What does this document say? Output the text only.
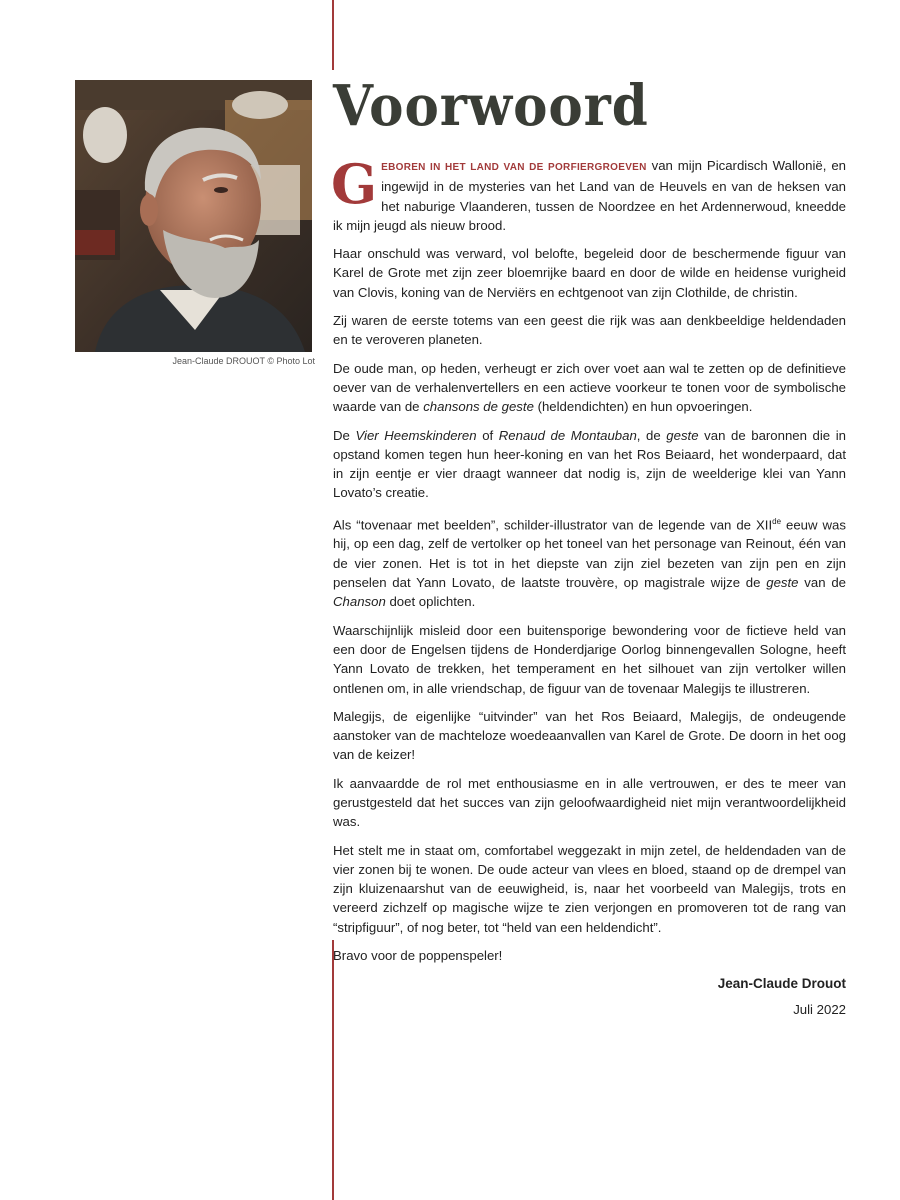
Jean-Claude DROUOT © Photo Lot
Voorwoord

GEBOREN IN HET LAND VAN DE PORFIERGROEVEN van mijn Picardisch Wallonië, en ingewijd in de mysteries van het Land van de Heuvels en van de heksen van het naburige Vlaanderen, tussen de Noordzee en het Ardennerwoud, kneedde ik mijn jeugd als nieuw brood.

Haar onschuld was verward, vol belofte, begeleid door de beschermende figuur van Karel de Grote met zijn zeer bloemrijke baard en door de wilde en heidense vurigheid van Clovis, koning van de Nerviërs en echtgenoot van zijn Clothilde, de christin.

Zij waren de eerste totems van een geest die rijk was aan denkbeeldige heldendaden en te veroveren planeten.

De oude man, op heden, verheugt er zich over voet aan wal te zetten op de definitieve oever van de verhalenvertellers en een actieve voorkeur te tonen voor de symbolische waarde van de chansons de geste (heldendichten) en hun opvoeringen.

De Vier Heemskinderen of Renaud de Montauban, de geste van de baronnen die in opstand komen tegen hun heer-koning en van het Ros Beiaard, het wonderpaard, dat in zijn eentje er vier draagt wanneer dat nodig is, zijn de weelderige klei van Yann Lovato’s creatie.

Als “tovenaar met beelden”, schilder-illustrator van de legende van de XIIde eeuw was hij, op een dag, zelf de vertolker op het toneel van het personage van Reinout, één van de vier zonen. Het is tot in het diepste van zijn ziel bezeten van zijn pen en zijn penselen dat Yann Lovato, de laatste trouvère, op magistrale wijze de geste van de Chanson doet oplichten.

Waarschijnlijk misleid door een buitensporige bewondering voor de fictieve held van een door de Engelsen tijdens de Honderdjarige Oorlog binnengevallen Sologne, heeft Yann Lovato de trekken, het temperament en het silhouet van zijn vertolker willen ontlenen om, in alle vriendschap, de figuur van de tovenaar Malegijs te illustreren.

Malegijs, de eigenlijke “uitvinder” van het Ros Beiaard, Malegijs, de ondeugende aanstoker van de machteloze woedeaanvallen van Karel de Grote. De doorn in het oog van de keizer!

Ik aanvaardde de rol met enthousiasme en in alle vertrouwen, er des te meer van gerustgesteld dat het succes van zijn geloofwaardigheid niet mijn verantwoordelijkheid was.

Het stelt me in staat om, comfortabel weggezakt in mijn zetel, de heldendaden van de vier zonen bij te wonen. De oude acteur van vlees en bloed, staand op de drempel van zijn kluizenaarshut van de eeuwigheid, is, naar het voorbeeld van Malegijs, trots en vereerd zichzelf op magische wijze te zien verjongen en promoveren tot de rang van “stripfiguur”, of nog beter, tot “held van een heldendicht”.

Bravo voor de poppenspeler!

Jean-Claude Drouot
Juli 2022
